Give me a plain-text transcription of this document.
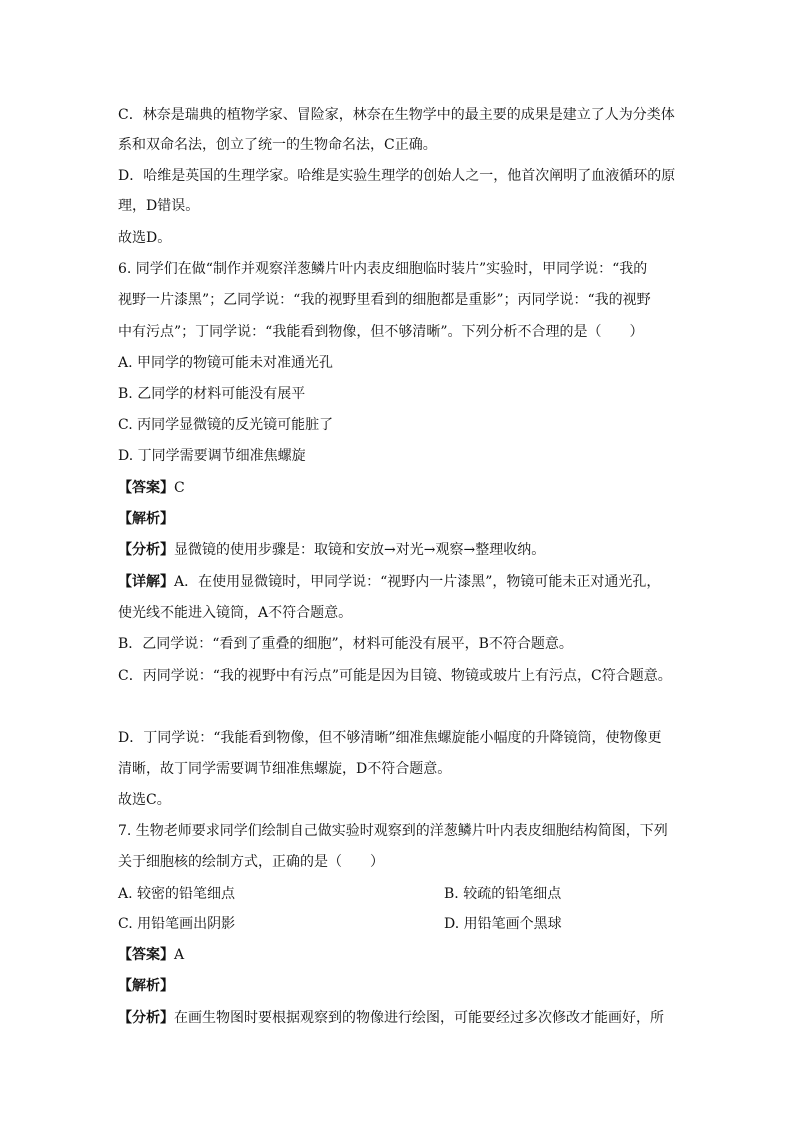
C．林奈是瑞典的植物学家、冒险家，林奈在生物学中的最主要的成果是建立了人为分类体
系和双命名法，创立了统一的生物命名法，C正确。
D．哈维是英国的生理学家。哈维是实验生理学的创始人之一，他首次阐明了血液循环的原
理，D错误。
故选D。
6. 同学们在做“制作并观察洋葱鳞片叶内表皮细胞临时装片”实验时，甲同学说：“我的
视野一片漆黑”；乙同学说：“我的视野里看到的细胞都是重影”；丙同学说：“我的视野
中有污点”；丁同学说：“我能看到物像，但不够清晰”。下列分析不合理的是（　　）
A. 甲同学的物镜可能未对准通光孔
B. 乙同学的材料可能没有展平
C. 丙同学显微镜的反光镜可能脏了
D. 丁同学需要调节细准焦螺旋
【答案】C
【解析】
【分析】显微镜的使用步骤是：取镜和安放→对光→观察→整理收纳。
【详解】A．在使用显微镜时，甲同学说：“视野内一片漆黑”，物镜可能未正对通光孔，
使光线不能进入镜筒，A不符合题意。
B．乙同学说：“看到了重叠的细胞”，材料可能没有展平，B不符合题意。
C．丙同学说：“我的视野中有污点”可能是因为目镜、物镜或玻片上有污点，C符合题意。
D．丁同学说：“我能看到物像，但不够清晰”细准焦螺旋能小幅度的升降镜筒，使物像更
清晰，故丁同学需要调节细准焦螺旋，D不符合题意。
故选C。
7. 生物老师要求同学们绘制自己做实验时观察到的洋葱鳞片叶内表皮细胞结构简图，下列
关于细胞核的绘制方式，正确的是（　　）
A. 较密的铅笔细点	B. 较疏的铅笔细点
C. 用铅笔画出阴影	D. 用铅笔画个黑球
【答案】A
【解析】
【分析】在画生物图时要根据观察到的物像进行绘图，可能要经过多次修改才能画好，所
